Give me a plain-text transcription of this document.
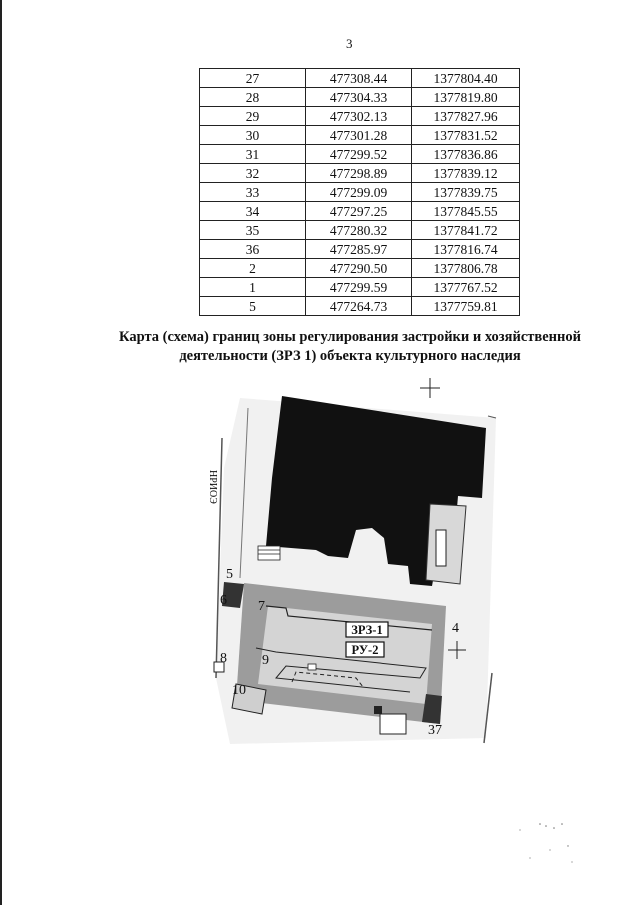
3
27	477308.44	1377804.40
28	477304.33	1377819.80
29	477302.13	1377827.96
30	477301.28	1377831.52
31	477299.52	1377836.86
32	477298.89	1377839.12
33	477299.09	1377839.75
34	477297.25	1377845.55
35	477280.32	1377841.72
36	477285.97	1377816.74
2	477290.50	1377806.78
1	477299.59	1377767.52
5	477264.73	1377759.81
Карта (схема) границ зоны регулирования застройки и хозяйственной
деятельности (ЗРЗ 1) объекта культурного наследия
НРИОЭ
5
6 7
8	9
10
4
37
ЗРЗ-1
РУ-2
